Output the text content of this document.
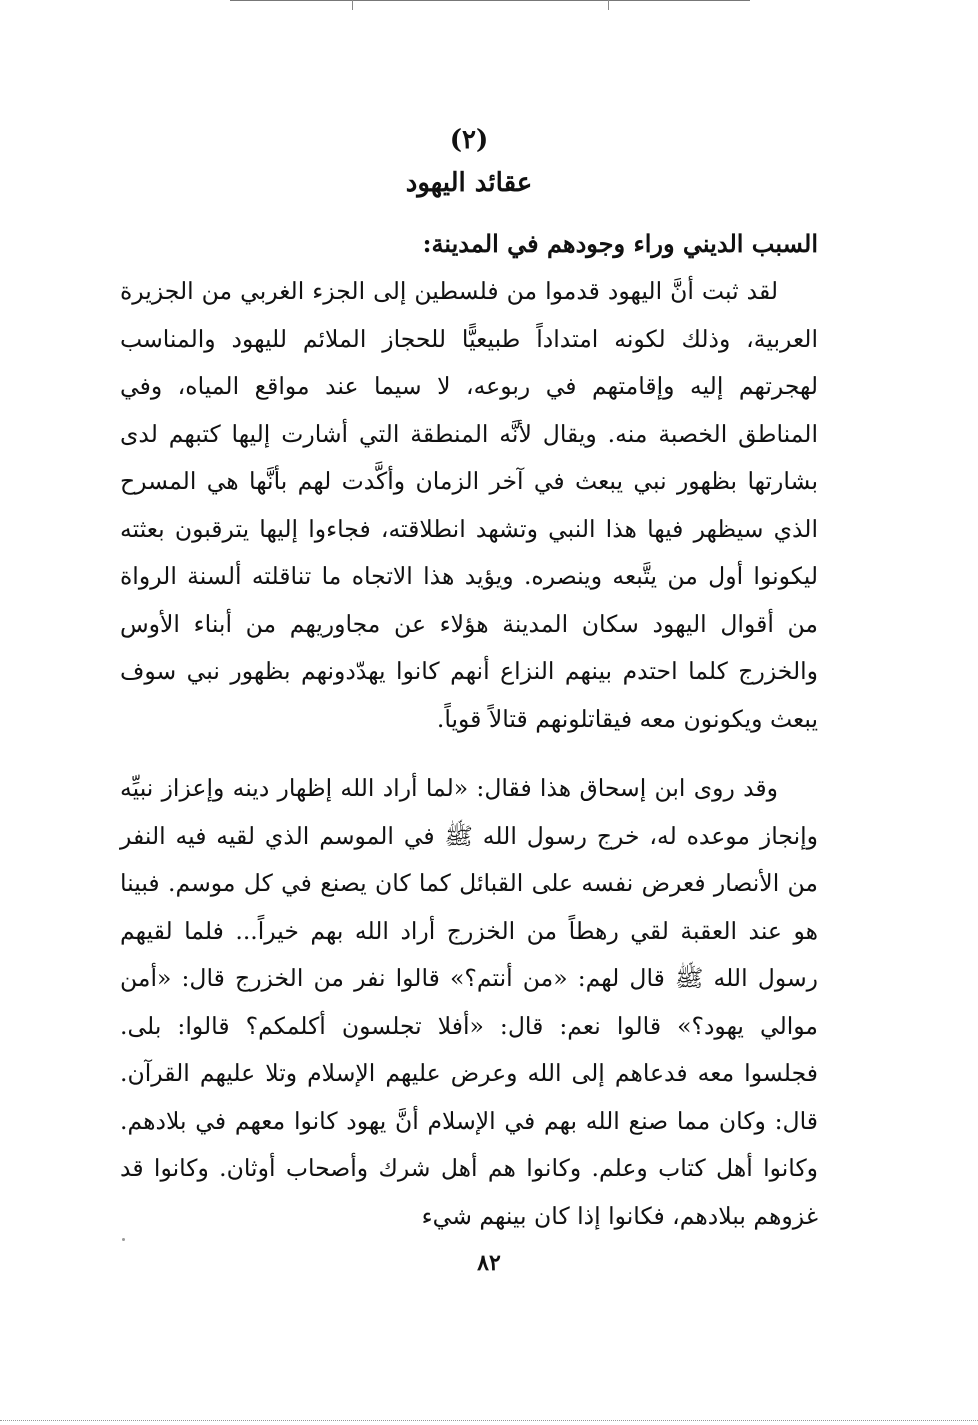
(٢)
عقائد اليهود
السبب الديني وراء وجودهم في المدينة:

لقد ثبت أنَّ اليهود قدموا من فلسطين إلى الجزء الغربي من الجزيرة العربية، وذلك لكونه امتداداً طبيعيًّا للحجاز الملائم لليهود والمناسب لهجرتهم إليه وإقامتهم في ربوعه، لا سيما عند مواقع المياه، وفي المناطق الخصبة منه. ويقال لأنَّه المنطقة التي أشارت إليها كتبهم لدى بشارتها بظهور نبي يبعث في آخر الزمان وأكَّدت لهم بأنَّها هي المسرح الذي سيظهر فيها هذا النبي وتشهد انطلاقته، فجاءوا إليها يترقبون بعثته ليكونوا أول من يتَّبعه وينصره. ويؤيد هذا الاتجاه ما تناقلته ألسنة الرواة من أقوال اليهود سكان المدينة هؤلاء عن مجاوريهم من أبناء الأوس والخزرج كلما احتدم بينهم النزاع أنهم كانوا يهدّدونهم بظهور نبي سوف يبعث ويكونون معه فيقاتلونهم قتالاً قوياً.

وقد روى ابن إسحاق هذا فقال: «لما أراد الله إظهار دينه وإعزاز نبيِّه وإنجاز موعده له، خرج رسول الله ﷺ في الموسم الذي لقيه فيه النفر من الأنصار فعرض نفسه على القبائل كما كان يصنع في كل موسم. فبينا هو عند العقبة لقي رهطاً من الخزرج أراد الله بهم خيراً... فلما لقيهم رسول الله ﷺ قال لهم: «من أنتم؟» قالوا نفر من الخزرج قال: «أمن موالي يهود؟» قالوا نعم: قال: «أفلا تجلسون أكلمكم؟ قالوا: بلى. فجلسوا معه فدعاهم إلى الله وعرض عليهم الإسلام وتلا عليهم القرآن. قال: وكان مما صنع الله بهم في الإسلام أنَّ يهود كانوا معهم في بلادهم. وكانوا أهل كتاب وعلم. وكانوا هم أهل شرك وأصحاب أوثان. وكانوا قد غزوهم ببلادهم، فكانوا إذا كان بينهم شيء

٨٢
